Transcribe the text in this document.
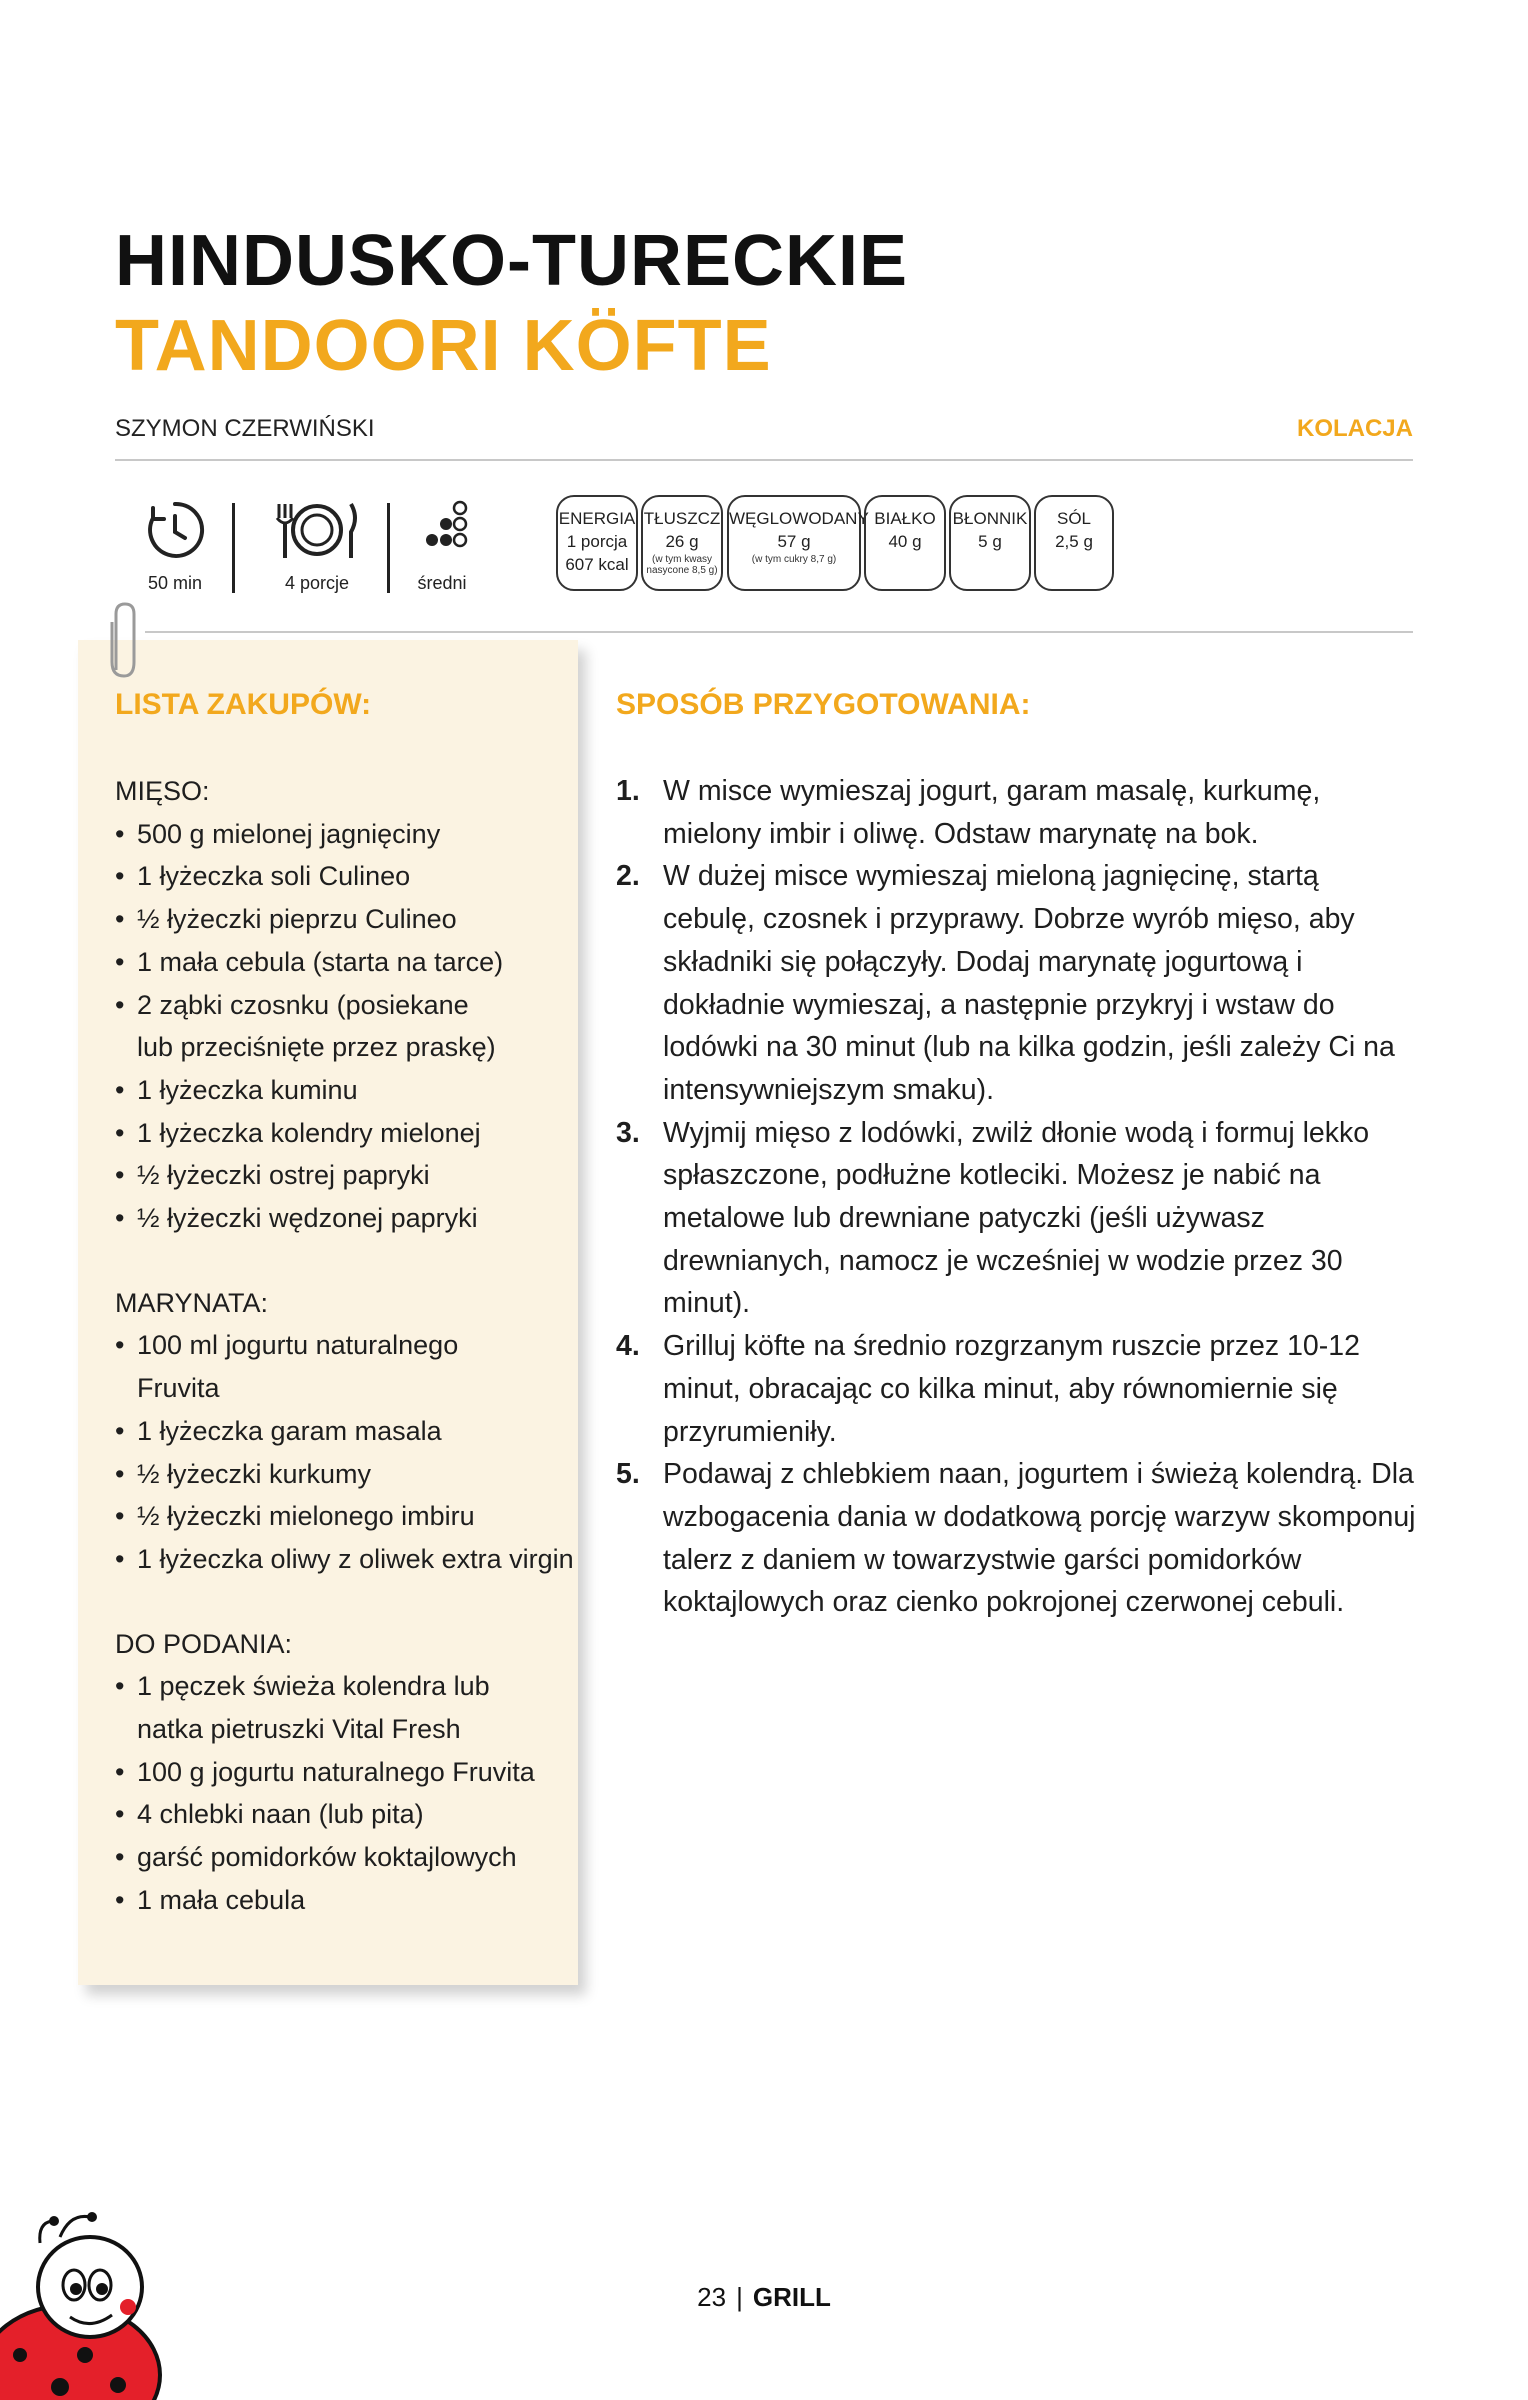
HINDUSKO-TURECKIE
TANDOORI KÖFTE
SZYMON CZERWIŃSKI	KOLACJA
50 min	4 porcje	średni
ENERGIA
1 porcja
607 kcal
TŁUSZCZ
26 g
(w tym kwasy nasycone 8,5 g)
WĘGLOWODANY
57 g
(w tym cukry 8,7 g)
BIAŁKO
40 g
BŁONNIK
5 g
SÓL
2,5 g
LISTA ZAKUPÓW:
MIĘSO:
• 500 g mielonej jagnięciny
• 1 łyżeczka soli Culineo
• ½ łyżeczki pieprzu Culineo
• 1 mała cebula (starta na tarce)
• 2 ząbki czosnku (posiekane lub przeciśnięte przez praskę)
• 1 łyżeczka kuminu
• 1 łyżeczka kolendry mielonej
• ½ łyżeczki ostrej papryki
• ½ łyżeczki wędzonej papryki
MARYNATA:
• 100 ml jogurtu naturalnego Fruvita
• 1 łyżeczka garam masala
• ½ łyżeczki kurkumy
• ½ łyżeczki mielonego imbiru
• 1 łyżeczka oliwy z oliwek extra virgin
DO PODANIA:
• 1 pęczek świeża kolendra lub natka pietruszki Vital Fresh
• 100 g jogurtu naturalnego Fruvita
• 4 chlebki naan (lub pita)
• garść pomidorków koktajlowych
• 1 mała cebula
SPOSÓB PRZYGOTOWANIA:
1. W misce wymieszaj jogurt, garam masalę, kurkumę, mielony imbir i oliwę. Odstaw marynatę na bok.
2. W dużej misce wymieszaj mieloną jagnięcinę, startą cebulę, czosnek i przyprawy. Dobrze wyrób mięso, aby składniki się połączyły. Dodaj marynatę jogurtową i dokładnie wymieszaj, a następnie przykryj i wstaw do lodówki na 30 minut (lub na kilka godzin, jeśli zależy Ci na intensywniejszym smaku).
3. Wyjmij mięso z lodówki, zwilż dłonie wodą i formuj lekko spłaszczone, podłużne kotleciki. Możesz je nabić na metalowe lub drewniane patyczki (jeśli używasz drewnianych, namocz je wcześniej w wodzie przez 30 minut).
4. Grilluj köfte na średnio rozgrzanym ruszcie przez 10-12 minut, obracając co kilka minut, aby równomiernie się przyrumieniły.
5. Podawaj z chlebkiem naan, jogurtem i świeżą kolendrą. Dla wzbogacenia dania w dodatkową porcję warzyw skomponuj talerz z daniem w towarzystwie garści pomidorków koktajlowych oraz cienko pokrojonej czerwonej cebuli.
23 | GRILL
